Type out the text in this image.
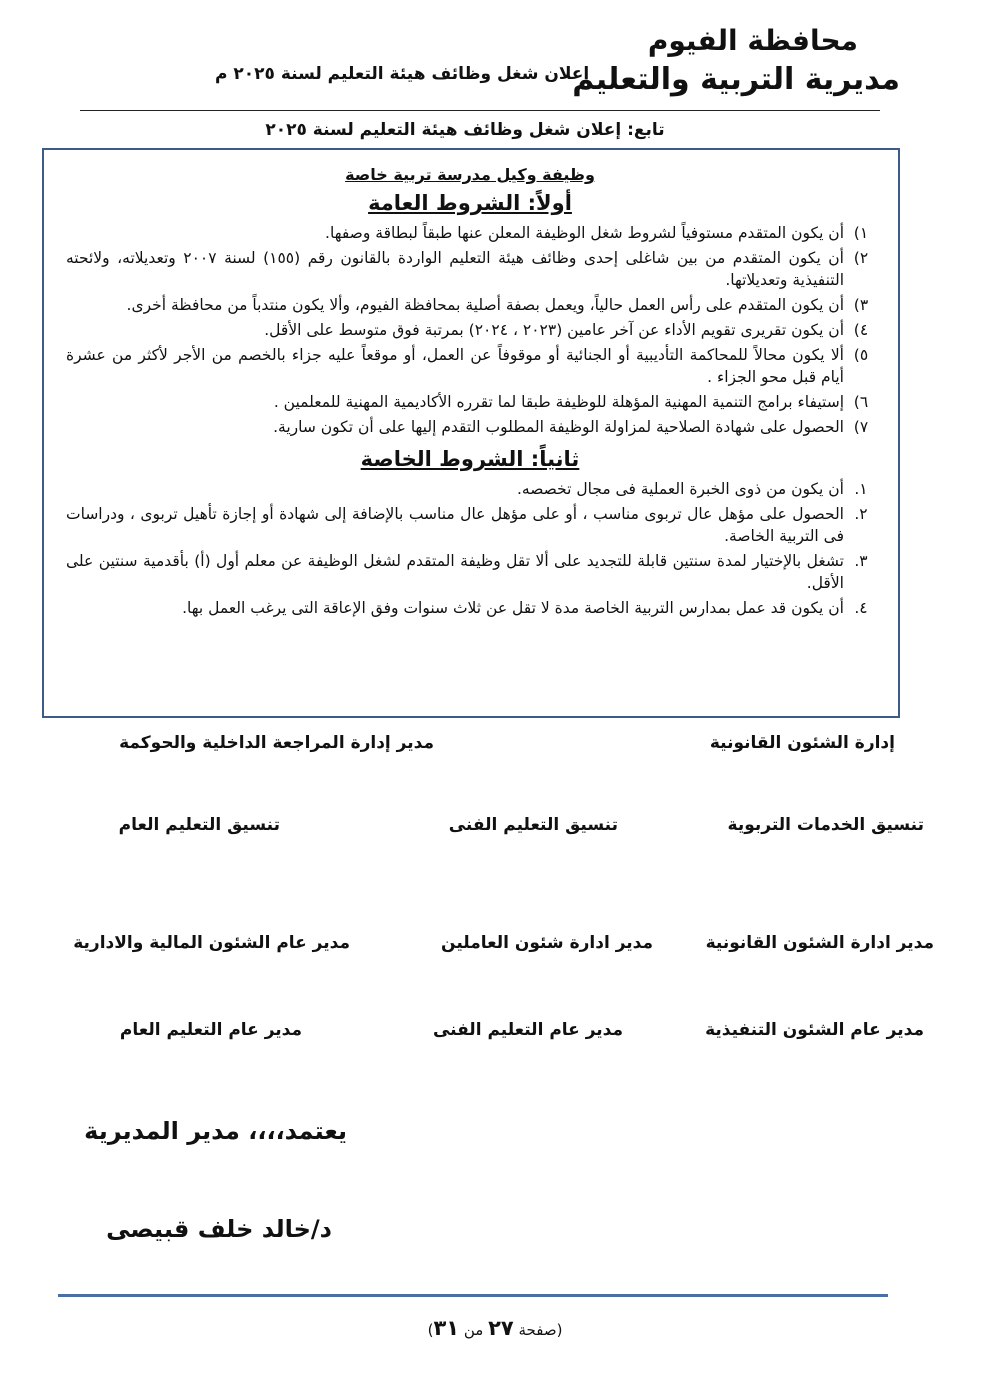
محافظة الفيوم
مديرية التربية والتعليم
إعلان شغل وظائف هيئة التعليم لسنة ٢٠٢٥ م
تابع: إعلان شغل وظائف هيئة التعليم لسنة ٢٠٢٥
وظيفة وكيل مدرسة تربية خاصة
أولاً: الشروط العامة
١)
أن يكون المتقدم مستوفياً لشروط شغل الوظيفة المعلن عنها طبقاً لبطاقة وصفها.
٢)
أن يكون المتقدم من بين شاغلى إحدى وظائف هيئة التعليم الواردة بالقانون رقم (١٥٥) لسنة ٢٠٠٧ وتعديلاته، ولائحته التنفيذية وتعديلاتها.
٣)
أن يكون المتقدم على رأس العمل حالياً، ويعمل بصفة أصلية بمحافظة الفيوم، وألا يكون منتدباً من محافظة أخرى.
٤)
أن يكون تقريرى تقويم الأداء عن آخر عامين (٢٠٢٣ ، ٢٠٢٤) بمرتبة فوق متوسط على الأقل.
٥)
ألا يكون محالاً للمحاكمة التأديبية أو الجنائية أو موقوفاً عن العمل، أو موقعاً عليه جزاء بالخصم من الأجر لأكثر من عشرة أيام قبل محو الجزاء .
٦)
إستيفاء برامج التنمية المهنية المؤهلة للوظيفة طبقا لما تقرره الأكاديمية المهنية للمعلمين .
٧)
الحصول على شهادة الصلاحية لمزاولة الوظيفة المطلوب التقدم إليها على أن تكون سارية.
ثانياً: الشروط الخاصة
١.
أن يكون من ذوى الخبرة العملية فى مجال تخصصه.
٢.
الحصول على مؤهل عال تربوى مناسب ، أو على مؤهل عال مناسب بالإضافة إلى شهادة أو إجازة تأهيل تربوى ، ودراسات فى التربية الخاصة.
٣.
تشغل بالإختيار لمدة سنتين قابلة للتجديد على ألا تقل وظيفة المتقدم لشغل الوظيفة عن معلم أول (أ) بأقدمية سنتين على الأقل.
٤.
أن يكون قد عمل بمدارس التربية الخاصة مدة لا تقل عن ثلاث سنوات وفق الإعاقة التى يرغب العمل بها.
إدارة الشئون القانونية
مدير إدارة المراجعة الداخلية والحوكمة
تنسيق الخدمات التربوية
تنسيق التعليم الفنى
تنسيق التعليم العام
مدير ادارة الشئون القانونية
مدير ادارة شئون العاملين
مدير عام الشئون المالية والادارية
مدير عام الشئون التنفيذية
مدير عام التعليم الفنى
مدير عام التعليم العام
يعتمد،،،، مدير المديرية
د/خالد خلف قبيصى
(صفحة ٢٧ من ٣١)
